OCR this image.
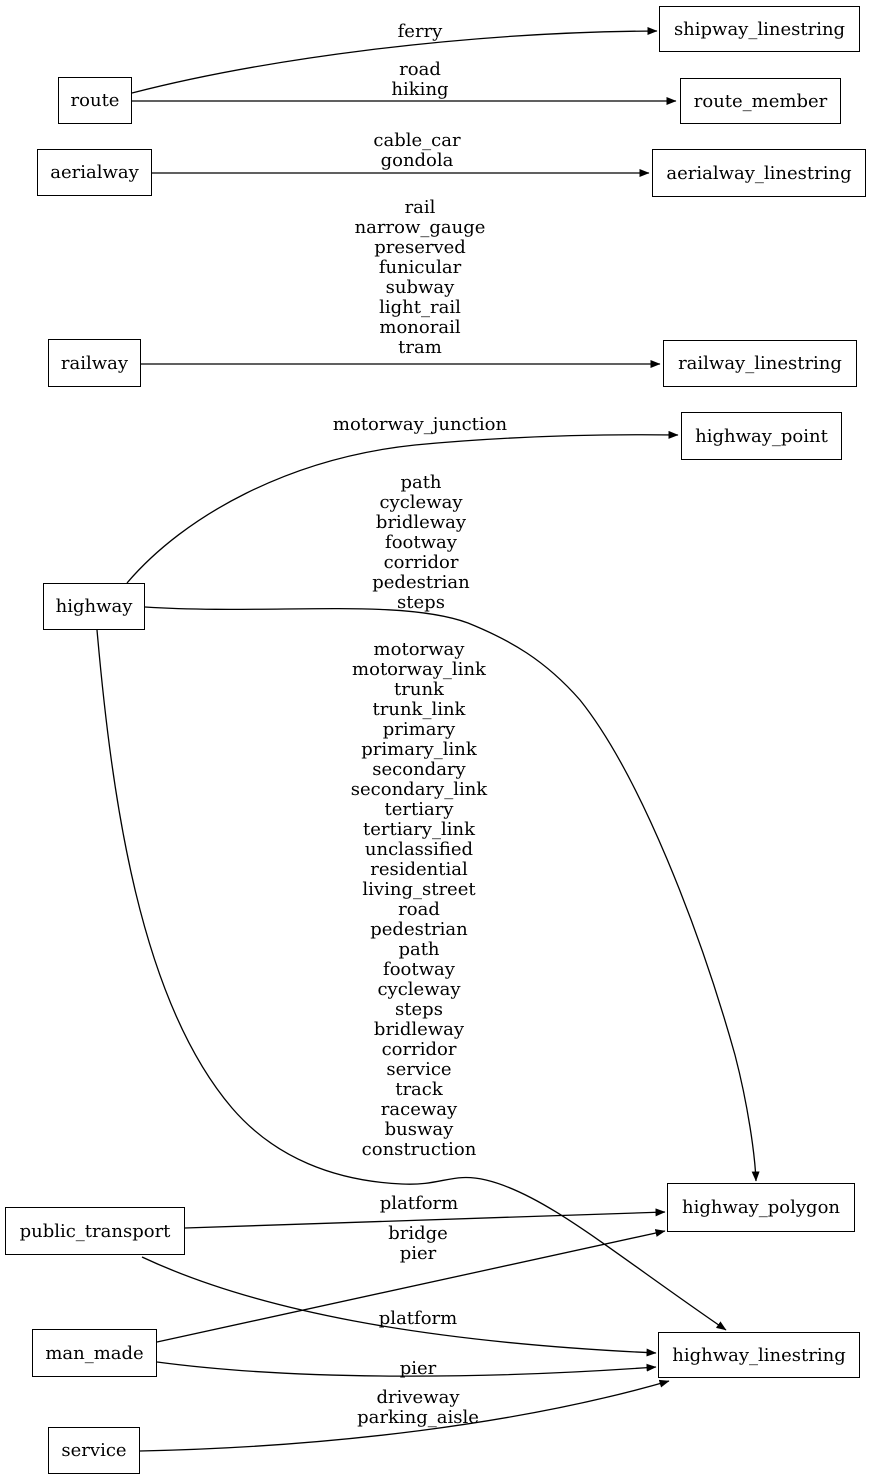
route
shipway_linestring
route_member
aerialway	aerialway_linestring
railway	railway_linestring
highway_point
highway
public_transport
highway_polygon
man_made	highway_linestring
service
ferry
road
hiking
cable_car
gondola
rail
narrow_gauge
preserved
funicular
subway
light_rail
monorail
tram
motorway_junction
path
cycleway
bridleway
footway
corridor
pedestrian
steps
motorway
motorway_link
trunk
trunk_link
primary
primary_link
secondary
secondary_link
tertiary
tertiary_link
unclassified
residential
living_street
road
pedestrian
path
footway
cycleway
steps
bridleway
corridor
service
track
raceway
busway
construction
platform
bridge
pier
platform
pier
driveway
parking_aisle
